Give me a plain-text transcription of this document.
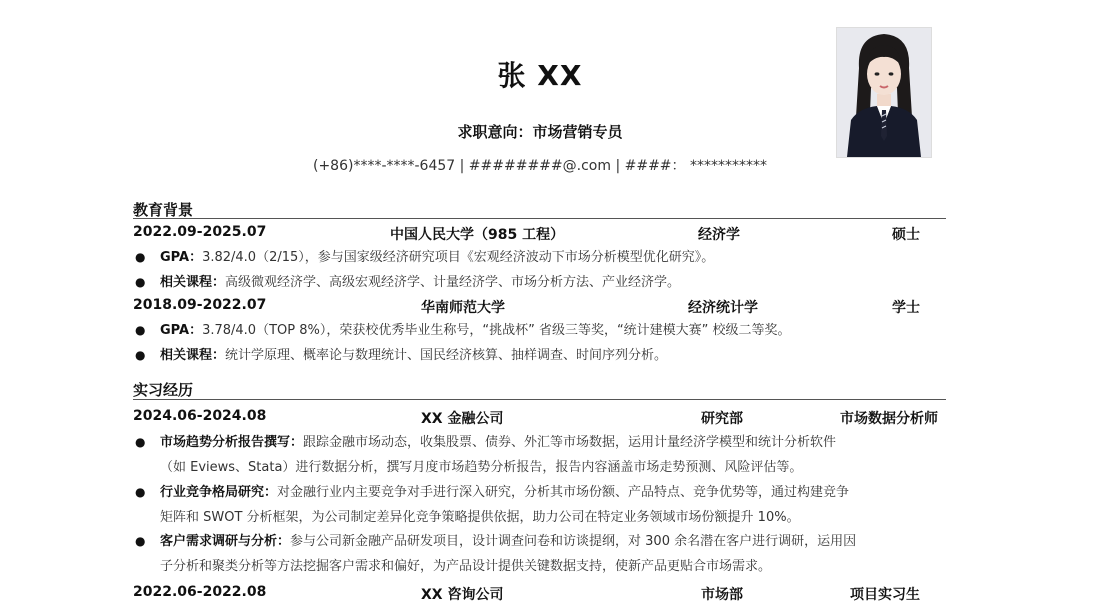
张 XX
求职意向：市场营销专员
(+86)****-****-6457 | ########@.com | ####： ***********
教育背景
2022.09-2025.07	中国人民大学（985 工程）	经济学	硕士
● GPA：3.82/4.0（2/15），参与国家级经济研究项目《宏观经济波动下市场分析模型优化研究》。
● 相关课程：高级微观经济学、高级宏观经济学、计量经济学、市场分析方法、产业经济学。
2018.09-2022.07	华南师范大学	经济统计学	学士
● GPA：3.78/4.0（TOP 8%），荣获校优秀毕业生称号，“挑战杯” 省级三等奖，“统计建模大赛” 校级二等奖。
● 相关课程：统计学原理、概率论与数理统计、国民经济核算、抽样调查、时间序列分析。
实习经历
2024.06-2024.08	XX 金融公司	研究部	市场数据分析师
● 市场趋势分析报告撰写：跟踪金融市场动态，收集股票、债券、外汇等市场数据，运用计量经济学模型和统计分析软件
（如 Eviews、Stata）进行数据分析，撰写月度市场趋势分析报告，报告内容涵盖市场走势预测、风险评估等。
● 行业竞争格局研究：对金融行业内主要竞争对手进行深入研究，分析其市场份额、产品特点、竞争优势等，通过构建竞争
矩阵和 SWOT 分析框架，为公司制定差异化竞争策略提供依据，助力公司在特定业务领域市场份额提升 10%。
● 客户需求调研与分析：参与公司新金融产品研发项目，设计调查问卷和访谈提纲，对 300 余名潜在客户进行调研，运用因
子分析和聚类分析等方法挖掘客户需求和偏好，为产品设计提供关键数据支持，使新产品更贴合市场需求。
2022.06-2022.08	XX 咨询公司	市场部	项目实习生
